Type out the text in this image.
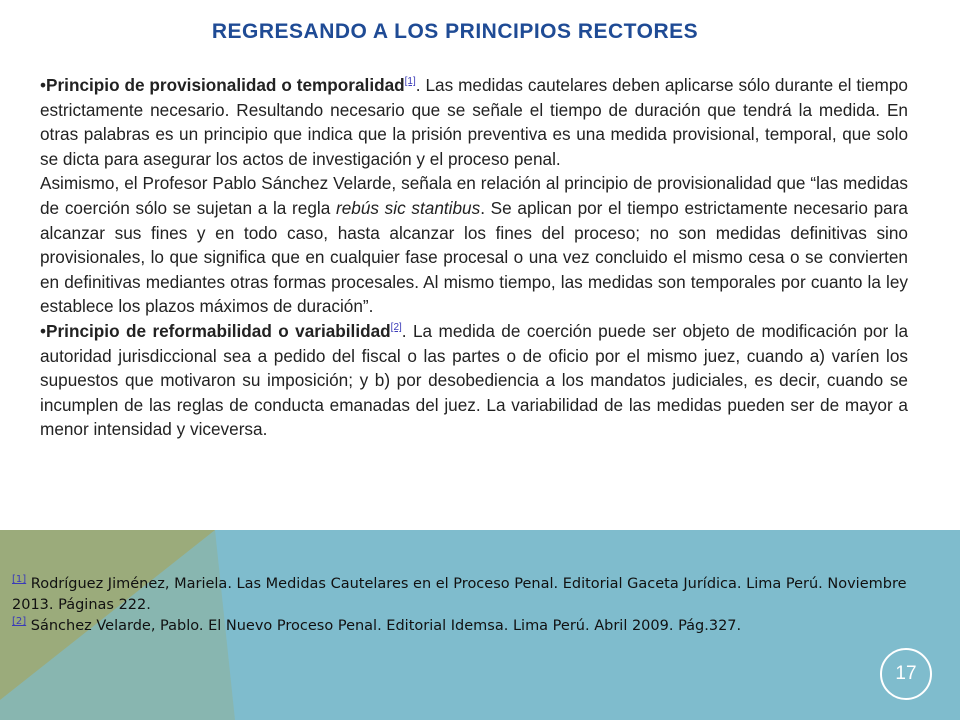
REGRESANDO A LOS PRINCIPIOS RECTORES

•Principio de provisionalidad o temporalidad[1]. Las medidas cautelares deben aplicarse sólo durante el tiempo estrictamente necesario. Resultando necesario que se señale el tiempo de duración que tendrá la medida. En otras palabras es un principio que indica que la prisión preventiva es una medida provisional, temporal, que solo se dicta para asegurar los actos de investigación y el proceso penal.

Asimismo, el Profesor Pablo Sánchez Velarde, señala en relación al principio de provisionalidad que “las medidas de coerción sólo se sujetan a la regla rebús sic stantibus. Se aplican por el tiempo estrictamente necesario para alcanzar sus fines y en todo caso, hasta alcanzar los fines del proceso; no son medidas definitivas sino provisionales, lo que significa que en cualquier fase procesal o una vez concluido el mismo cesa o se convierten en definitivas mediantes otras formas procesales. Al mismo tiempo, las medidas son temporales por cuanto la ley establece los plazos máximos de duración”.

•Principio de reformabilidad o variabilidad[2]. La medida de coerción puede ser objeto de modificación por la autoridad jurisdiccional sea a pedido del fiscal o las partes o de oficio por el mismo juez, cuando a) varíen los supuestos que motivaron su imposición; y b) por desobediencia a los mandatos judiciales, es decir, cuando se incumplen de las reglas de conducta emanadas del juez. La variabilidad de las medidas pueden ser de mayor a menor intensidad y viceversa.

[1] Rodríguez Jiménez, Mariela. Las Medidas Cautelares en el Proceso Penal. Editorial Gaceta Jurídica. Lima Perú. Noviembre 2013. Páginas 222.

[2] Sánchez Velarde, Pablo. El Nuevo Proceso Penal. Editorial Idemsa. Lima Perú. Abril 2009. Pág.327.

17
